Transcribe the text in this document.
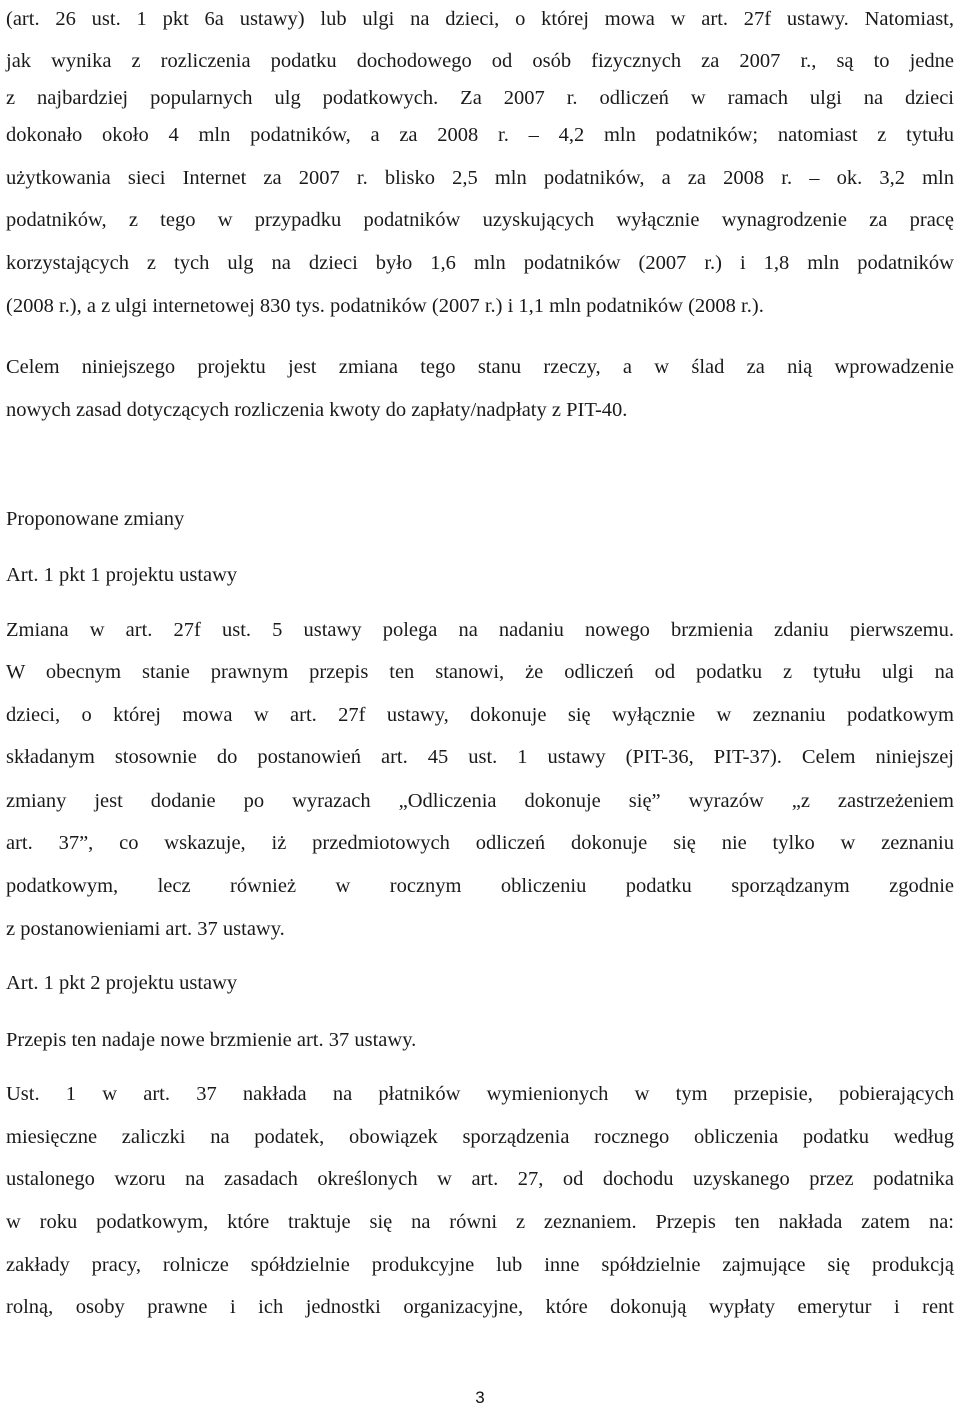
(art. 26 ust. 1 pkt 6a ustawy) lub ulgi na dzieci, o której mowa w art. 27f ustawy. Natomiast,
jak wynika z rozliczenia podatku dochodowego od osób fizycznych za 2007 r., są to jedne
z najbardziej popularnych ulg podatkowych. Za 2007 r. odliczeń w ramach ulgi na dzieci
dokonało około 4 mln podatników, a za 2008 r. – 4,2 mln podatników; natomiast z tytułu
użytkowania sieci Internet za 2007 r. blisko 2,5 mln podatników, a za 2008 r. – ok. 3,2 mln
podatników, z tego w przypadku podatników uzyskujących wyłącznie wynagrodzenie za pracę
korzystających z tych ulg na dzieci było 1,6 mln podatników (2007 r.) i 1,8 mln podatników
(2008 r.), a z ulgi internetowej 830 tys. podatników (2007 r.) i 1,1 mln podatników (2008 r.).
Celem niniejszego projektu jest zmiana tego stanu rzeczy, a w ślad za nią wprowadzenie
nowych zasad dotyczących rozliczenia kwoty do zapłaty/nadpłaty z PIT-40.
Proponowane zmiany
Art. 1 pkt 1 projektu ustawy
Zmiana w art. 27f ust. 5 ustawy polega na nadaniu nowego brzmienia zdaniu pierwszemu.
W obecnym stanie prawnym przepis ten stanowi, że odliczeń od podatku z tytułu ulgi na
dzieci, o której mowa w art. 27f ustawy, dokonuje się wyłącznie w zeznaniu podatkowym
składanym stosownie do postanowień art. 45 ust. 1 ustawy (PIT-36, PIT-37). Celem niniejszej
zmiany jest dodanie po wyrazach „Odliczenia dokonuje się” wyrazów „z zastrzeżeniem
art. 37”, co wskazuje, iż przedmiotowych odliczeń dokonuje się nie tylko w zeznaniu
podatkowym, lecz również w rocznym obliczeniu podatku sporządzanym zgodnie
z postanowieniami art. 37 ustawy.
Art. 1 pkt 2 projektu ustawy
Przepis ten nadaje nowe brzmienie art. 37 ustawy.
Ust. 1 w art. 37 nakłada na płatników wymienionych w tym przepisie, pobierających
miesięczne zaliczki na podatek, obowiązek sporządzenia rocznego obliczenia podatku według
ustalonego wzoru na zasadach określonych w art. 27, od dochodu uzyskanego przez podatnika
w roku podatkowym, które traktuje się na równi z zeznaniem. Przepis ten nakłada zatem na:
zakłady pracy, rolnicze spółdzielnie produkcyjne lub inne spółdzielnie zajmujące się produkcją
rolną, osoby prawne i ich jednostki organizacyjne, które dokonują wypłaty emerytur i rent
3
